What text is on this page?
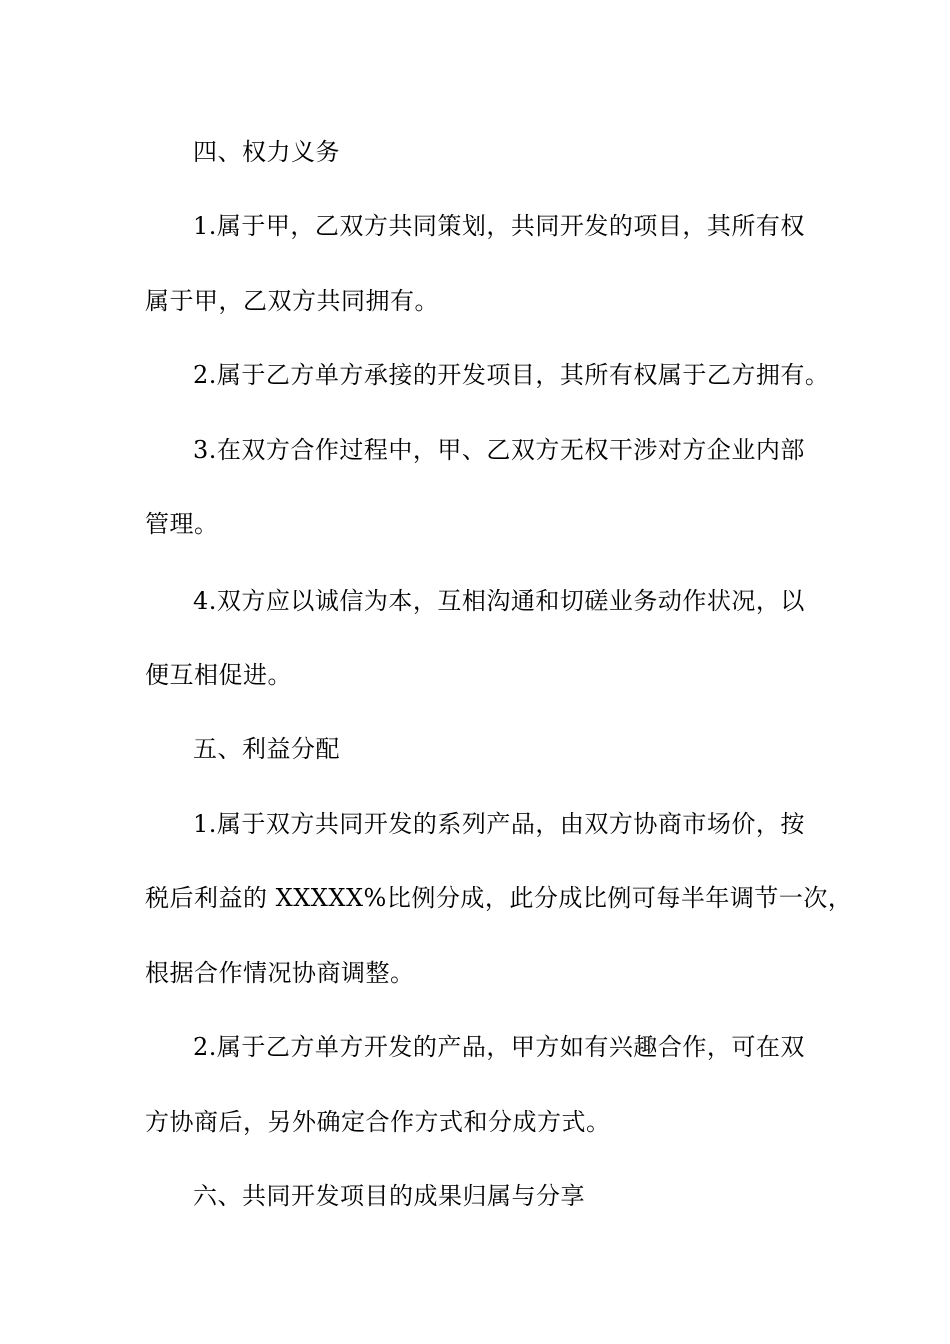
四、权力义务
1.属于甲，乙双方共同策划，共同开发的项目，其所有权
属于甲，乙双方共同拥有。
2.属于乙方单方承接的开发项目，其所有权属于乙方拥有。
3.在双方合作过程中，甲、乙双方无权干涉对方企业内部
管理。
4.双方应以诚信为本，互相沟通和切磋业务动作状况，以
便互相促进。
五、利益分配
1.属于双方共同开发的系列产品，由双方协商市场价，按
税后利益的 XXXXX%比例分成，此分成比例可每半年调节一次，
根据合作情况协商调整。
2.属于乙方单方开发的产品，甲方如有兴趣合作，可在双
方协商后，另外确定合作方式和分成方式。
六、共同开发项目的成果归属与分享
